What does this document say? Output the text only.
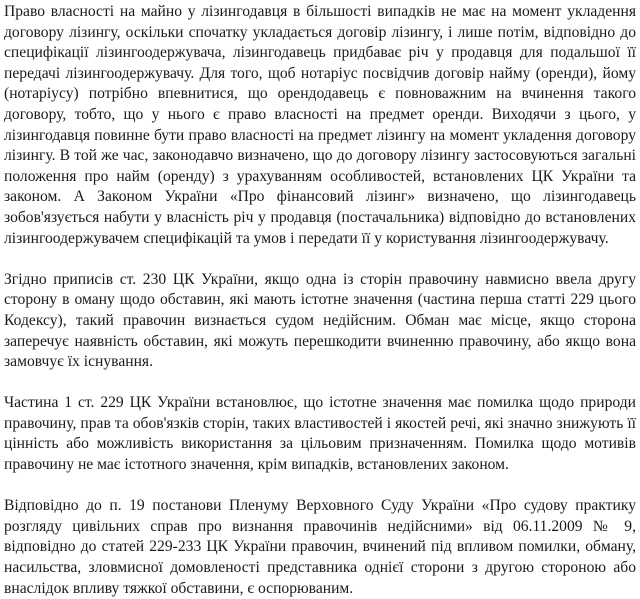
Право власності на майно у лізингодавця в більшості випадків не має на момент укладення договору лізингу, оскільки спочатку укладається договір лізингу, і лише потім, відповідно до специфікації лізингоодержувача, лізингодавець придбаває річ у продавця для подальшої її передачі лізингоодержувачу. Для того, щоб нотаріус посвідчив договір найму (оренди), йому (нотаріусу) потрібно впевнитися, що орендодавець є повноважним на вчинення такого договору, тобто, що у нього є право власності на предмет оренди. Виходячи з цього, у лізингодавця повинне бути право власності на предмет лізингу на момент укладення договору лізингу. В той же час, законодавчо визначено, що до договору лізингу застосовуються загальні положення про найм (оренду) з урахуванням особливостей, встановлених ЦК України та законом. А Законом України «Про фінансовий лізинг» визначено, що лізингодавець зобов'язується набути у власність річ у продавця (постачальника) відповідно до встановлених лізингоодержувачем специфікацій та умов і передати її у користування лізингоодержувачу.

Згідно приписів ст. 230 ЦК України, якщо одна із сторін правочину навмисно ввела другу сторону в оману щодо обставин, які мають істотне значення (частина перша статті 229 цього Кодексу), такий правочин визнається судом недійсним. Обман має місце, якщо сторона заперечує наявність обставин, які можуть перешкодити вчиненню правочину, або якщо вона замовчує їх існування.

Частина 1 ст. 229 ЦК України встановлює, що істотне значення має помилка щодо природи правочину, прав та обов'язків сторін, таких властивостей і якостей речі, які значно знижують її цінність або можливість використання за цільовим призначенням. Помилка щодо мотивів правочину не має істотного значення, крім випадків, встановлених законом.

Відповідно до п. 19 постанови Пленуму Верховного Суду України «Про судову практику розгляду цивільних справ про визнання правочинів недійсними» від 06.11.2009 № 9, відповідно до статей 229-233 ЦК України правочин, вчинений під впливом помилки, обману, насильства, зловмисної домовленості представника однієї сторони з другою стороною або внаслідок впливу тяжкої обставини, є оспорюваним.
